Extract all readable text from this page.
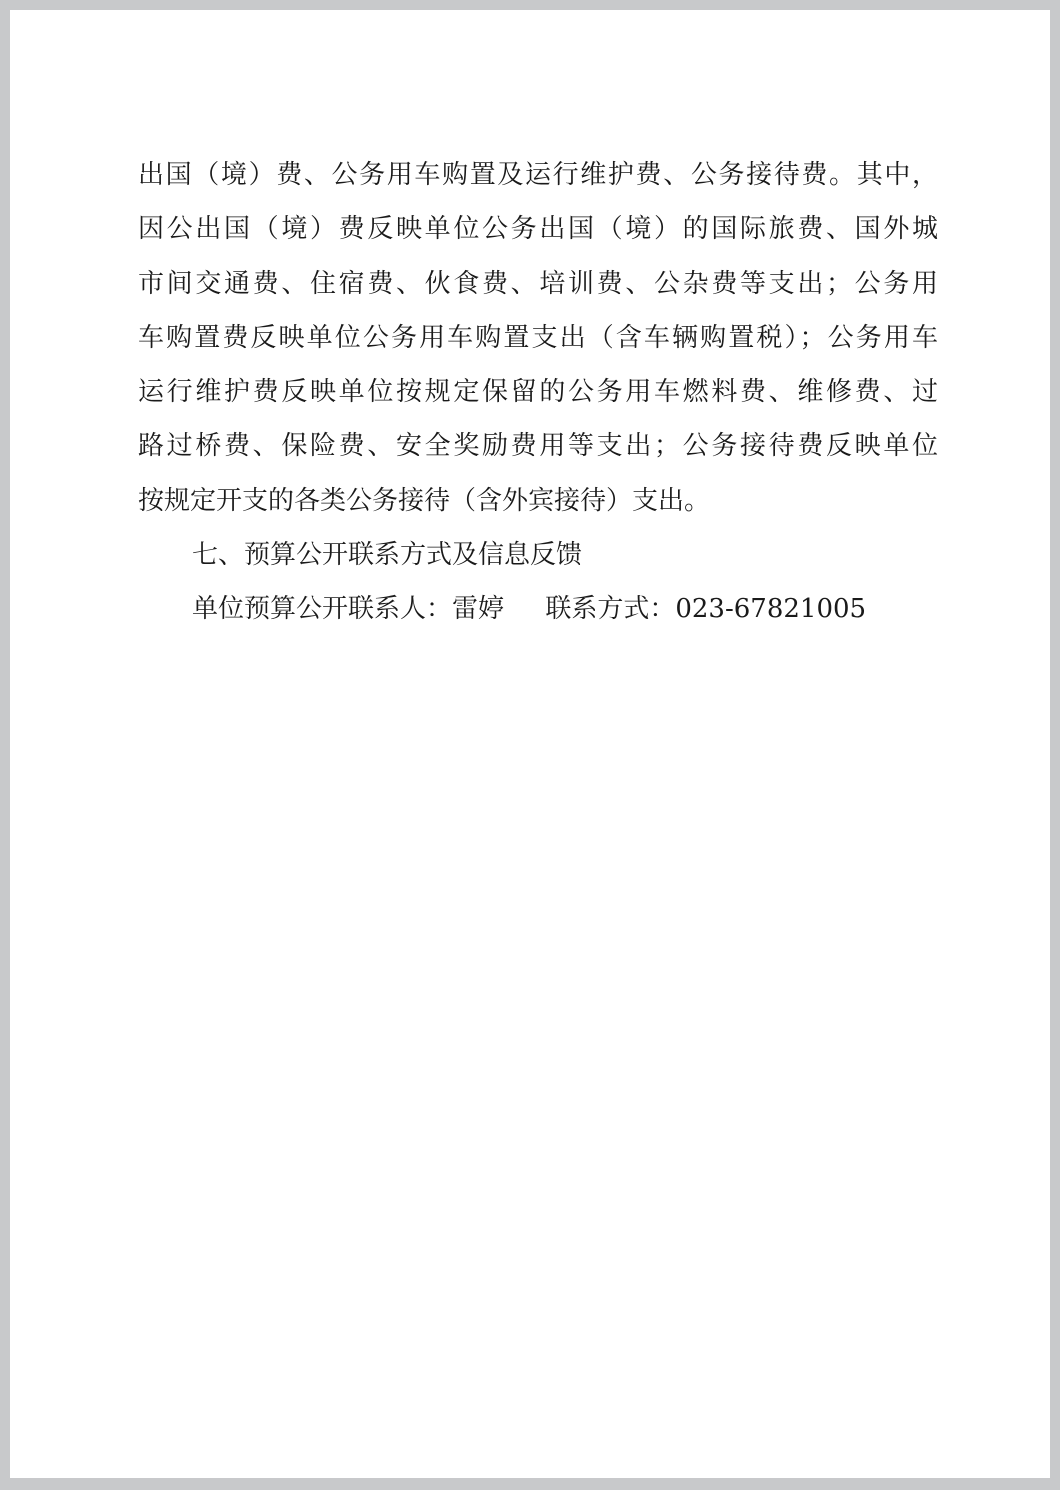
出国（境）费、公务用车购置及运行维护费、公务接待费。其中，
因公出国（境）费反映单位公务出国（境）的国际旅费、国外城
市间交通费、住宿费、伙食费、培训费、公杂费等支出；公务用
车购置费反映单位公务用车购置支出（含车辆购置税）；公务用车
运行维护费反映单位按规定保留的公务用车燃料费、维修费、过
路过桥费、保险费、安全奖励费用等支出；公务接待费反映单位
按规定开支的各类公务接待（含外宾接待）支出。
七、预算公开联系方式及信息反馈
单位预算公开联系人：雷婷     联系方式：023-67821005
